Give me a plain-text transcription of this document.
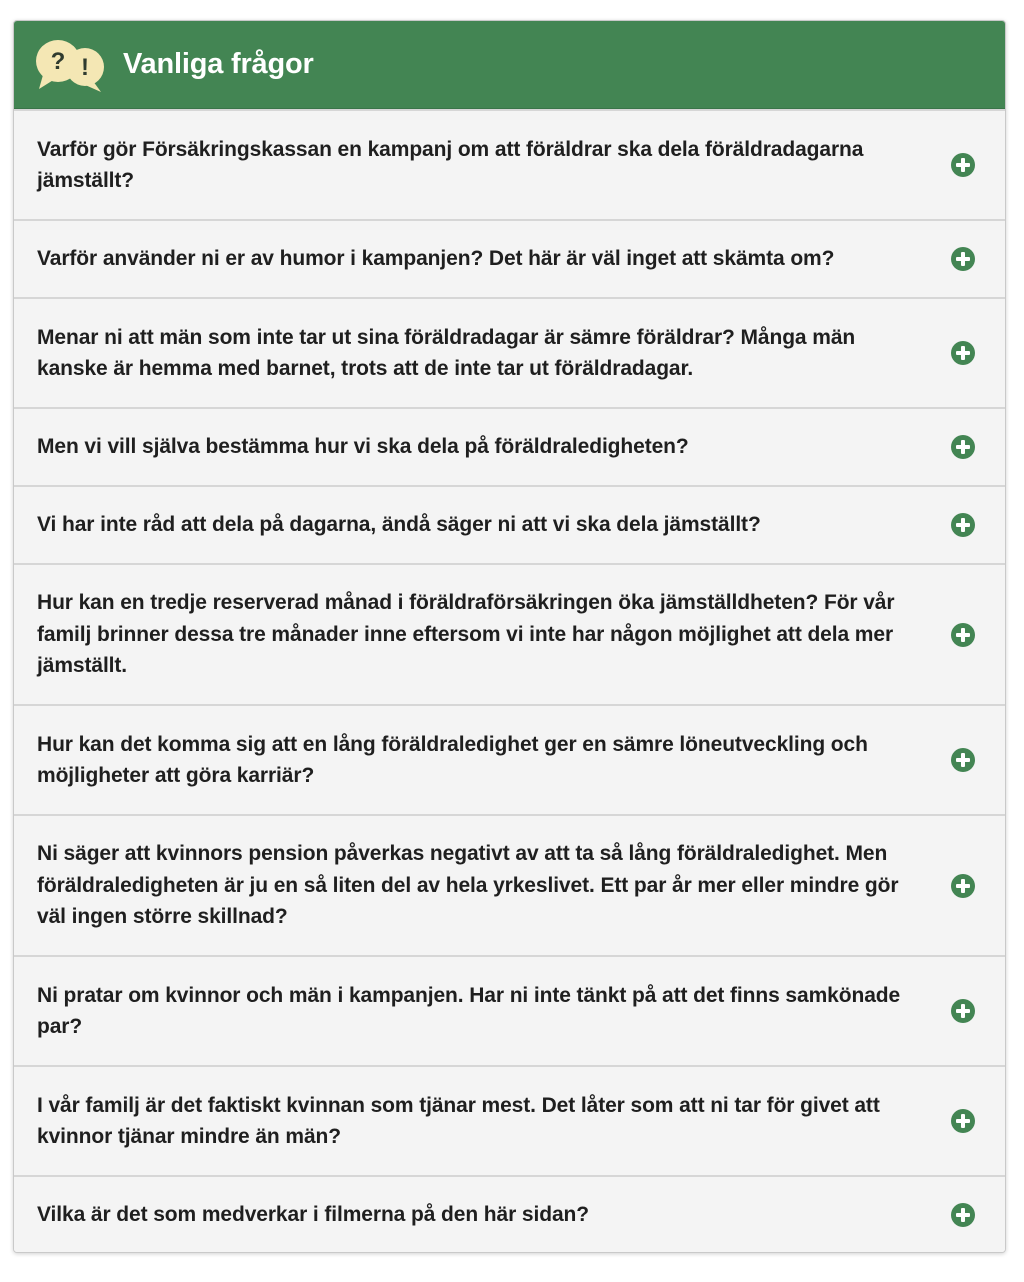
? ! Vanliga frågor
Varför gör Försäkringskassan en kampanj om att föräldrar ska dela föräldradagarna jämställt?
Varför använder ni er av humor i kampanjen? Det här är väl inget att skämta om?
Menar ni att män som inte tar ut sina föräldradagar är sämre föräldrar? Många män kanske är hemma med barnet, trots att de inte tar ut föräldradagar.
Men vi vill själva bestämma hur vi ska dela på föräldraledigheten?
Vi har inte råd att dela på dagarna, ändå säger ni att vi ska dela jämställt?
Hur kan en tredje reserverad månad i föräldraförsäkringen öka jämställdheten? För vår familj brinner dessa tre månader inne eftersom vi inte har någon möjlighet att dela mer jämställt.
Hur kan det komma sig att en lång föräldraledighet ger en sämre löneutveckling och möjligheter att göra karriär?
Ni säger att kvinnors pension påverkas negativt av att ta så lång föräldraledighet. Men föräldraledigheten är ju en så liten del av hela yrkeslivet. Ett par år mer eller mindre gör väl ingen större skillnad?
Ni pratar om kvinnor och män i kampanjen. Har ni inte tänkt på att det finns samkönade par?
I vår familj är det faktiskt kvinnan som tjänar mest. Det låter som att ni tar för givet att kvinnor tjänar mindre än män?
Vilka är det som medverkar i filmerna på den här sidan?
